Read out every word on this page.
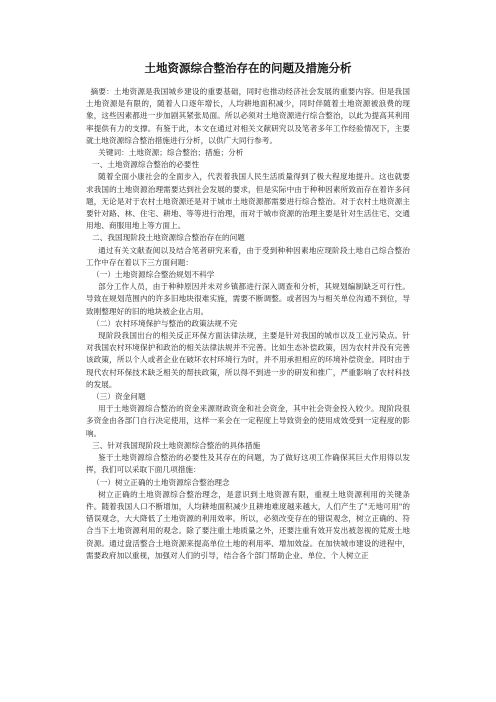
土地资源综合整治存在的问题及措施分析

摘要：土地资源是我国城乡建设的重要基础，同时也推动经济社会发展的重要内容。但是我国土地资源是有限的，随着人口逐年增长，人均耕地面积减少，同时伴随着土地资源被浪费的现象，这些因素都进一步加剧其紧张局面。所以必须对土地资源进行综合整治，以此为提高其利用率提供有力的支撑。有鉴于此，本文在通过对相关文献研究以及笔者多年工作经验情况下，主要就土地资源综合整治措施进行分析，以供广大同行参考。

关键词：土地资源；综合整治；措施；分析

一、土地资源综合整治的必要性

随着全面小康社会的全面步入，代表着我国人民生活质量得到了极大程度地提升。这也就要求我国的土地资源治理需要达到社会发展的要求，但是实际中由于种种因素所致而存在着许多问题，无论是对于农村土地资源还是对于城市土地资源都需要进行综合整治。对于农村土地资源主要针对路、林、住宅、耕地、等等进行治理，而对于城市资源的治理主要是针对生活住宅、交通用地、商服用地上等方面上。

二、我国现阶段土地资源综合整治存在的问题

通过有关文献查阅以及结合笔者研究来看，由于受到种种因素地应现阶段土地自己综合整治工作中存在着以下三方面问题：

（一）土地资源综合整治规划不科学

部分工作人员，由于种种原因并未对乡镇都进行深入调查和分析，其规划编制缺乏可行性。导致在规划范围内的许多旧地块很难实施，需要不断调整。或者因为与相关单位沟通不到位，导致刚整理好的旧的地块被企业占用。

（二）农村环境保护与整治的政策法规不完

现阶段我国出台的相关反正环保方面法律法规，主要是针对我国的城市以及工业污染点。针对我国农村环境保护和政治的相关法律法规并不完善。比如生态补偿政策，因为农村并没有完善该政策，所以个人或者企业在破坏农村环境行为时，并不用承担相应的环境补偿资金。同时由于现代农村环保技术缺乏相关的帮扶政策，所以得不到进一步的研发和推广，严重影响了农村科技的发展。

（三）资金问题

用于土地资源综合整治的资金来源财政资金和社会资金，其中社会资金投入较少。现阶段很多资金由各部门自行决定使用，这样一来会在一定程度上导致资金的使用成效受到一定程度的影响。

三、针对我国现阶段土地资源综合整治的具体措施

鉴于土地资源综合整治的必要性及其存在的问题，为了做好这项工作确保其巨大作用得以发挥，我们可以采取下面几项措施：

（一）树立正确的土地资源综合整治理念

树立正确的土地资源综合整治理念，是意识到土地资源有限，重视土地资源利用的关键条件。随着我国人口不断增加，人均耕地面积减少且耕地难度越来越大，人们产生了"无地可用"的错误观念，大大降低了土地资源的利用效率。所以，必须改变存在的错误观念，树立正确的、符合当下土地资源利用的观念。除了要注重土地质量之外，还要注重有效开发出被忽视的荒废土地资源。通过盘活整合土地资源来提高单位土地的利用率、增加效益。在加快城市建设的进程中，需要政府加以重视，加强对人们的引导，结合各个部门帮助企业、单位、个人树立正
